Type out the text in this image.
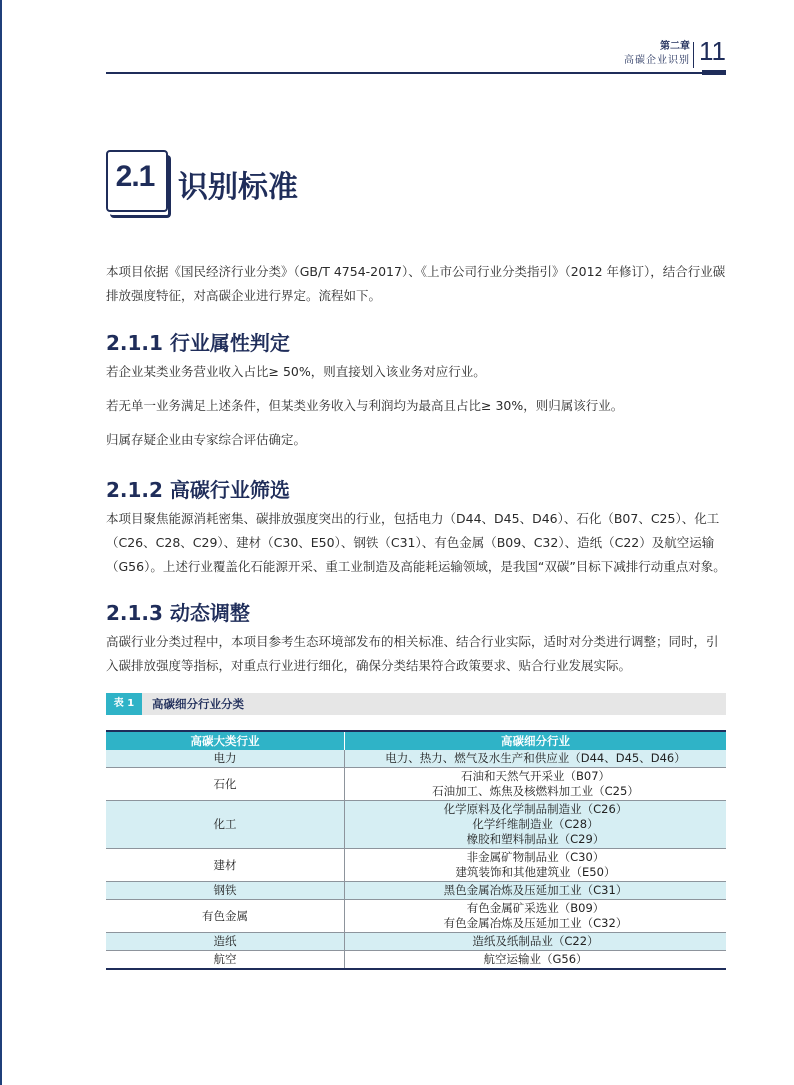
第二章
高碳企业识别 11
2.1 识别标准
本项目依据《国民经济行业分类》（GB/T 4754-2017）、《上市公司行业分类指引》（2012 年修订），结合行业碳排放强度特征，对高碳企业进行界定。流程如下。
2.1.1 行业属性判定
若企业某类业务营业收入占比≥ 50%，则直接划入该业务对应行业。
若无单一业务满足上述条件，但某类业务收入与利润均为最高且占比≥ 30%，则归属该行业。
归属存疑企业由专家综合评估确定。
2.1.2 高碳行业筛选
本项目聚焦能源消耗密集、碳排放强度突出的行业，包括电力（D44、D45、D46）、石化（B07、C25）、化工（C26、C28、C29）、建材（C30、E50）、钢铁（C31）、有色金属（B09、C32）、造纸（C22）及航空运输（G56）。上述行业覆盖化石能源开采、重工业制造及高能耗运输领域，是我国“双碳”目标下减排行动重点对象。
2.1.3 动态调整
高碳行业分类过程中，本项目参考生态环境部发布的相关标准、结合行业实际，适时对分类进行调整；同时，引入碳排放强度等指标，对重点行业进行细化，确保分类结果符合政策要求、贴合行业发展实际。
表 1	高碳细分行业分类
高碳大类行业	高碳细分行业
电力	电力、热力、燃气及水生产和供应业（D44、D45、D46）

石化	石油和天然气开采业（B07）
石油加工、炼焦及核燃料加工业（C25）

化工	化学原料及化学制品制造业（C26）
化学纤维制造业（C28）
橡胶和塑料制品业（C29）

建材	非金属矿物制品业（C30）
建筑装饰和其他建筑业（E50）

钢铁	黑色金属冶炼及压延加工业（C31）

有色金属	有色金属矿采选业（B09）
有色金属冶炼及压延加工业（C32）

造纸	造纸及纸制品业（C22）

航空	航空运输业（G56）
